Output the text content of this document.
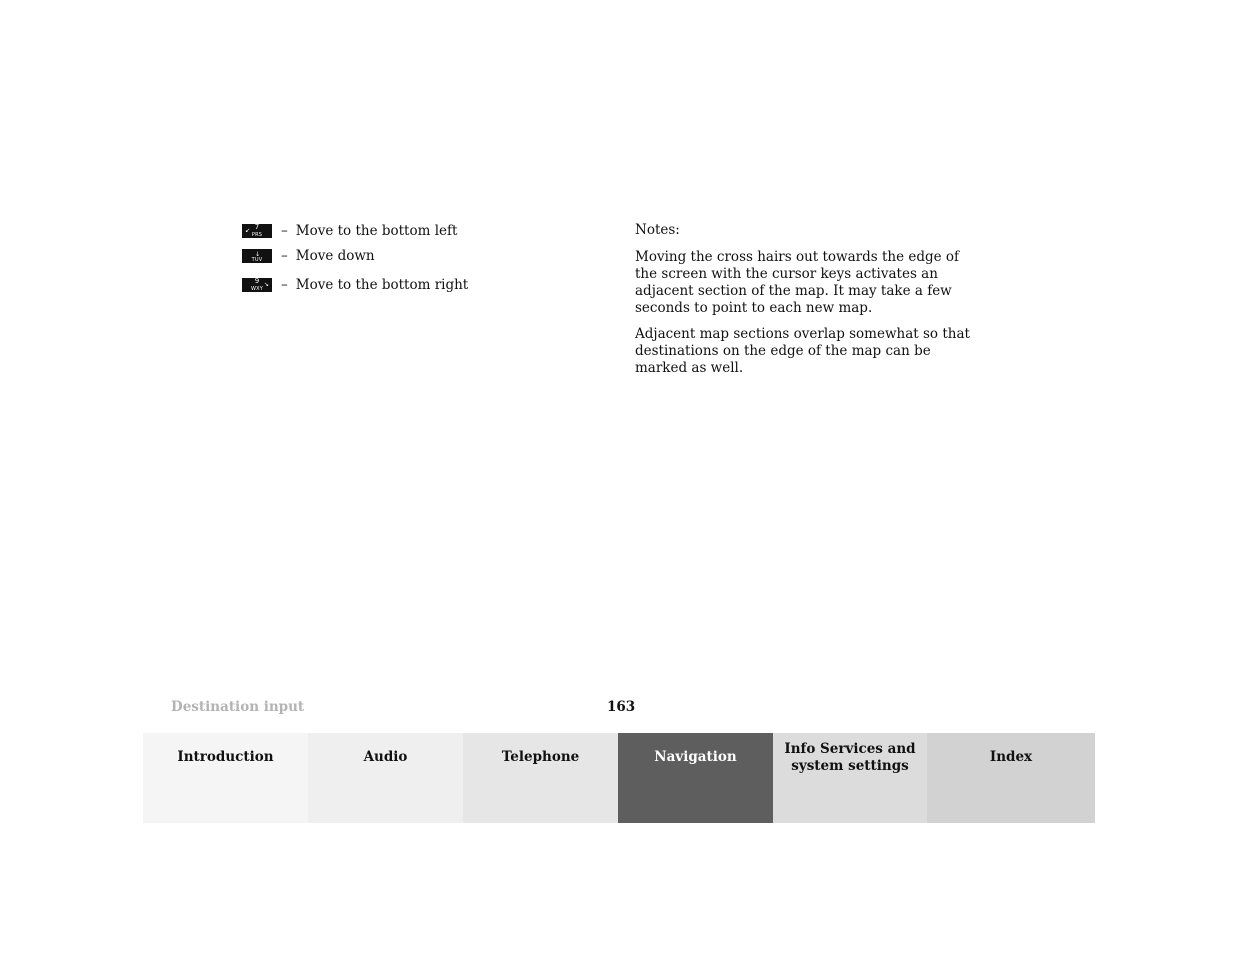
↙ 7
PRS	– Move to the bottom left
↓
TUV	– Move down
9 ↘
WXY	– Move to the bottom right
Notes:

Moving the cross hairs out towards the edge of the screen with the cursor keys activates an adjacent section of the map. It may take a few seconds to point to each new map.

Adjacent map sections overlap somewhat so that destinations on the edge of the map can be marked as well.

Destination input	163
Introduction	Audio	Telephone	Navigation	Info Services and
system settings
Index
